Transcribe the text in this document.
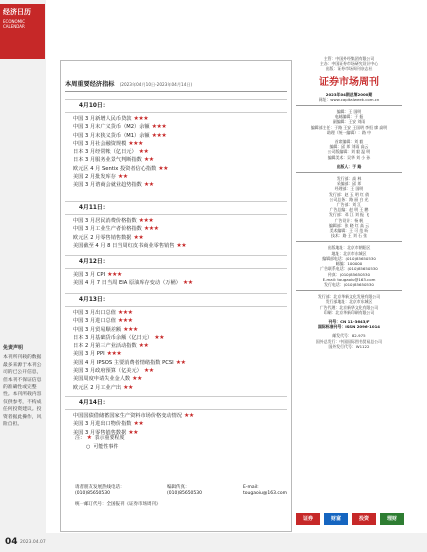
经济日历
ECONOMIC CALENDAR
免责声明
本刊所刊载的数据最多来源于本刊公司的已公开信息，但本刊不保证信息的准确性或完整性。本刊所载内容仅供参考，不构成任何投资建议。投资者据此操作，风险自担。
04 2023.04.07
本周重要经济指标 (2023年04月10日-2023年04月14日)
4月10日：
中国 3 月新增人民币贷款 ★★★
中国 3 月末广义货币（M2）余额 ★★★
中国 3 月末狭义货币（M1）余额 ★★★
中国 3 月社会融资规模 ★★★
日本 3 月经常帐（亿日元） ★★
日本 3 月服务业景气判断指数 ★★
欧元区 4 月 Sentix 投资者信心指数 ★★
美国 2 月批发库存 ★★
美国 3 月谘商会就业趋势指数 ★★
4月11日：
中国 3 月居民消费价格指数 ★★★
中国 3 月工业生产者价格指数 ★★★
欧元区 2 月零售销售数据 ★★
美国截至 4 月 8 日当周红皮书商业零售销售 ★★
4月12日：
美国 3 月 CPI ★★★
美国 4 月 7 日当周 EIA 原油库存变动（万桶） ★★
4月13日：
中国 3 月出口总值 ★★★
中国 3 月进口总值 ★★★
中国 3 月贸易顺差额 ★★★
日本 3 月基础货币余额（亿日元） ★★
日本 2 月第三产业活动指数 ★★
美国 3 月 PPI ★★★
美国 4 月 IPSOS 主要消费者情绪指数 PCSI ★★
美国 3 月政府预算（亿美元） ★★
美国周度申请失业金人数 ★★
欧元区 2 月工业产出 ★★
4月14日：
中国国债借储蓄国家生产资料市场价格变动情况 ★★
美国 3 月进出口物价指数 ★★
美国 3 月零售销售数据 ★★
注： ★ 表示重要程度
○ 可能性事件
请者朋友发展热线电话：
(010)85650530
编辑传真：
(010)85650530
E-mail:
tougaoiu@163.com
统一邮订代号：全国报刊《证券市场周刊》
主管：中国外经集团有限公司
主办：中国证券市场研究设计中心
出版：证券市场周刊杂志社
证券市场周刊
2023年04期总第2000期
网址：www.capitalweek.com.cn
编辑：王 国明
电邮编辑：于 振
副编辑：王安 刘雨
编辑部主任：于路 王安 王国明 李恒 廖 高明
助理（统一编辑）：路 中
首席编辑：刘 毅
编辑：邱 邦 刘雨 高云
公司版编辑：刘 毅 温 明
编辑美术：吴华 刘 小 孙
出版人：于 路
发行部：高 林
采编部：邱 邦
经理部：王 国明
发行部：赵 玉 明 红 倩
公司总务：路 丽 白 光
广告部：刘 江
广告总编：赵 明 王 鹏
发行部：邓 江 刘 振 飞
广告设计：杨 帆
编辑部：张 晓 红 高 云
美术编辑：王 可 范 昕
技术：路 王 刘 石 张
出版地址：北京市朝阳区
地址：北京市东城区
编辑部电话：(010)85650530
邮编：100000
广告联系电话：(010)85650530
传真：(010)85650530
E-mail: tougaoiu@163.com
发行电话：(010)85650530
发行部：北京华新文化发展有限公司
发行部地址：北京市东城区
广告代理：北京新华文化有限公司
印刷：北京华新印刷有限公司
刊号：CN 11-3643/F
国际标准刊号：ISSN 2096-1014
邮发代号：82-975
国外总发行：中国国际图书贸易总公司
国外发行代号：W1122
证券	财富	投资	理财
